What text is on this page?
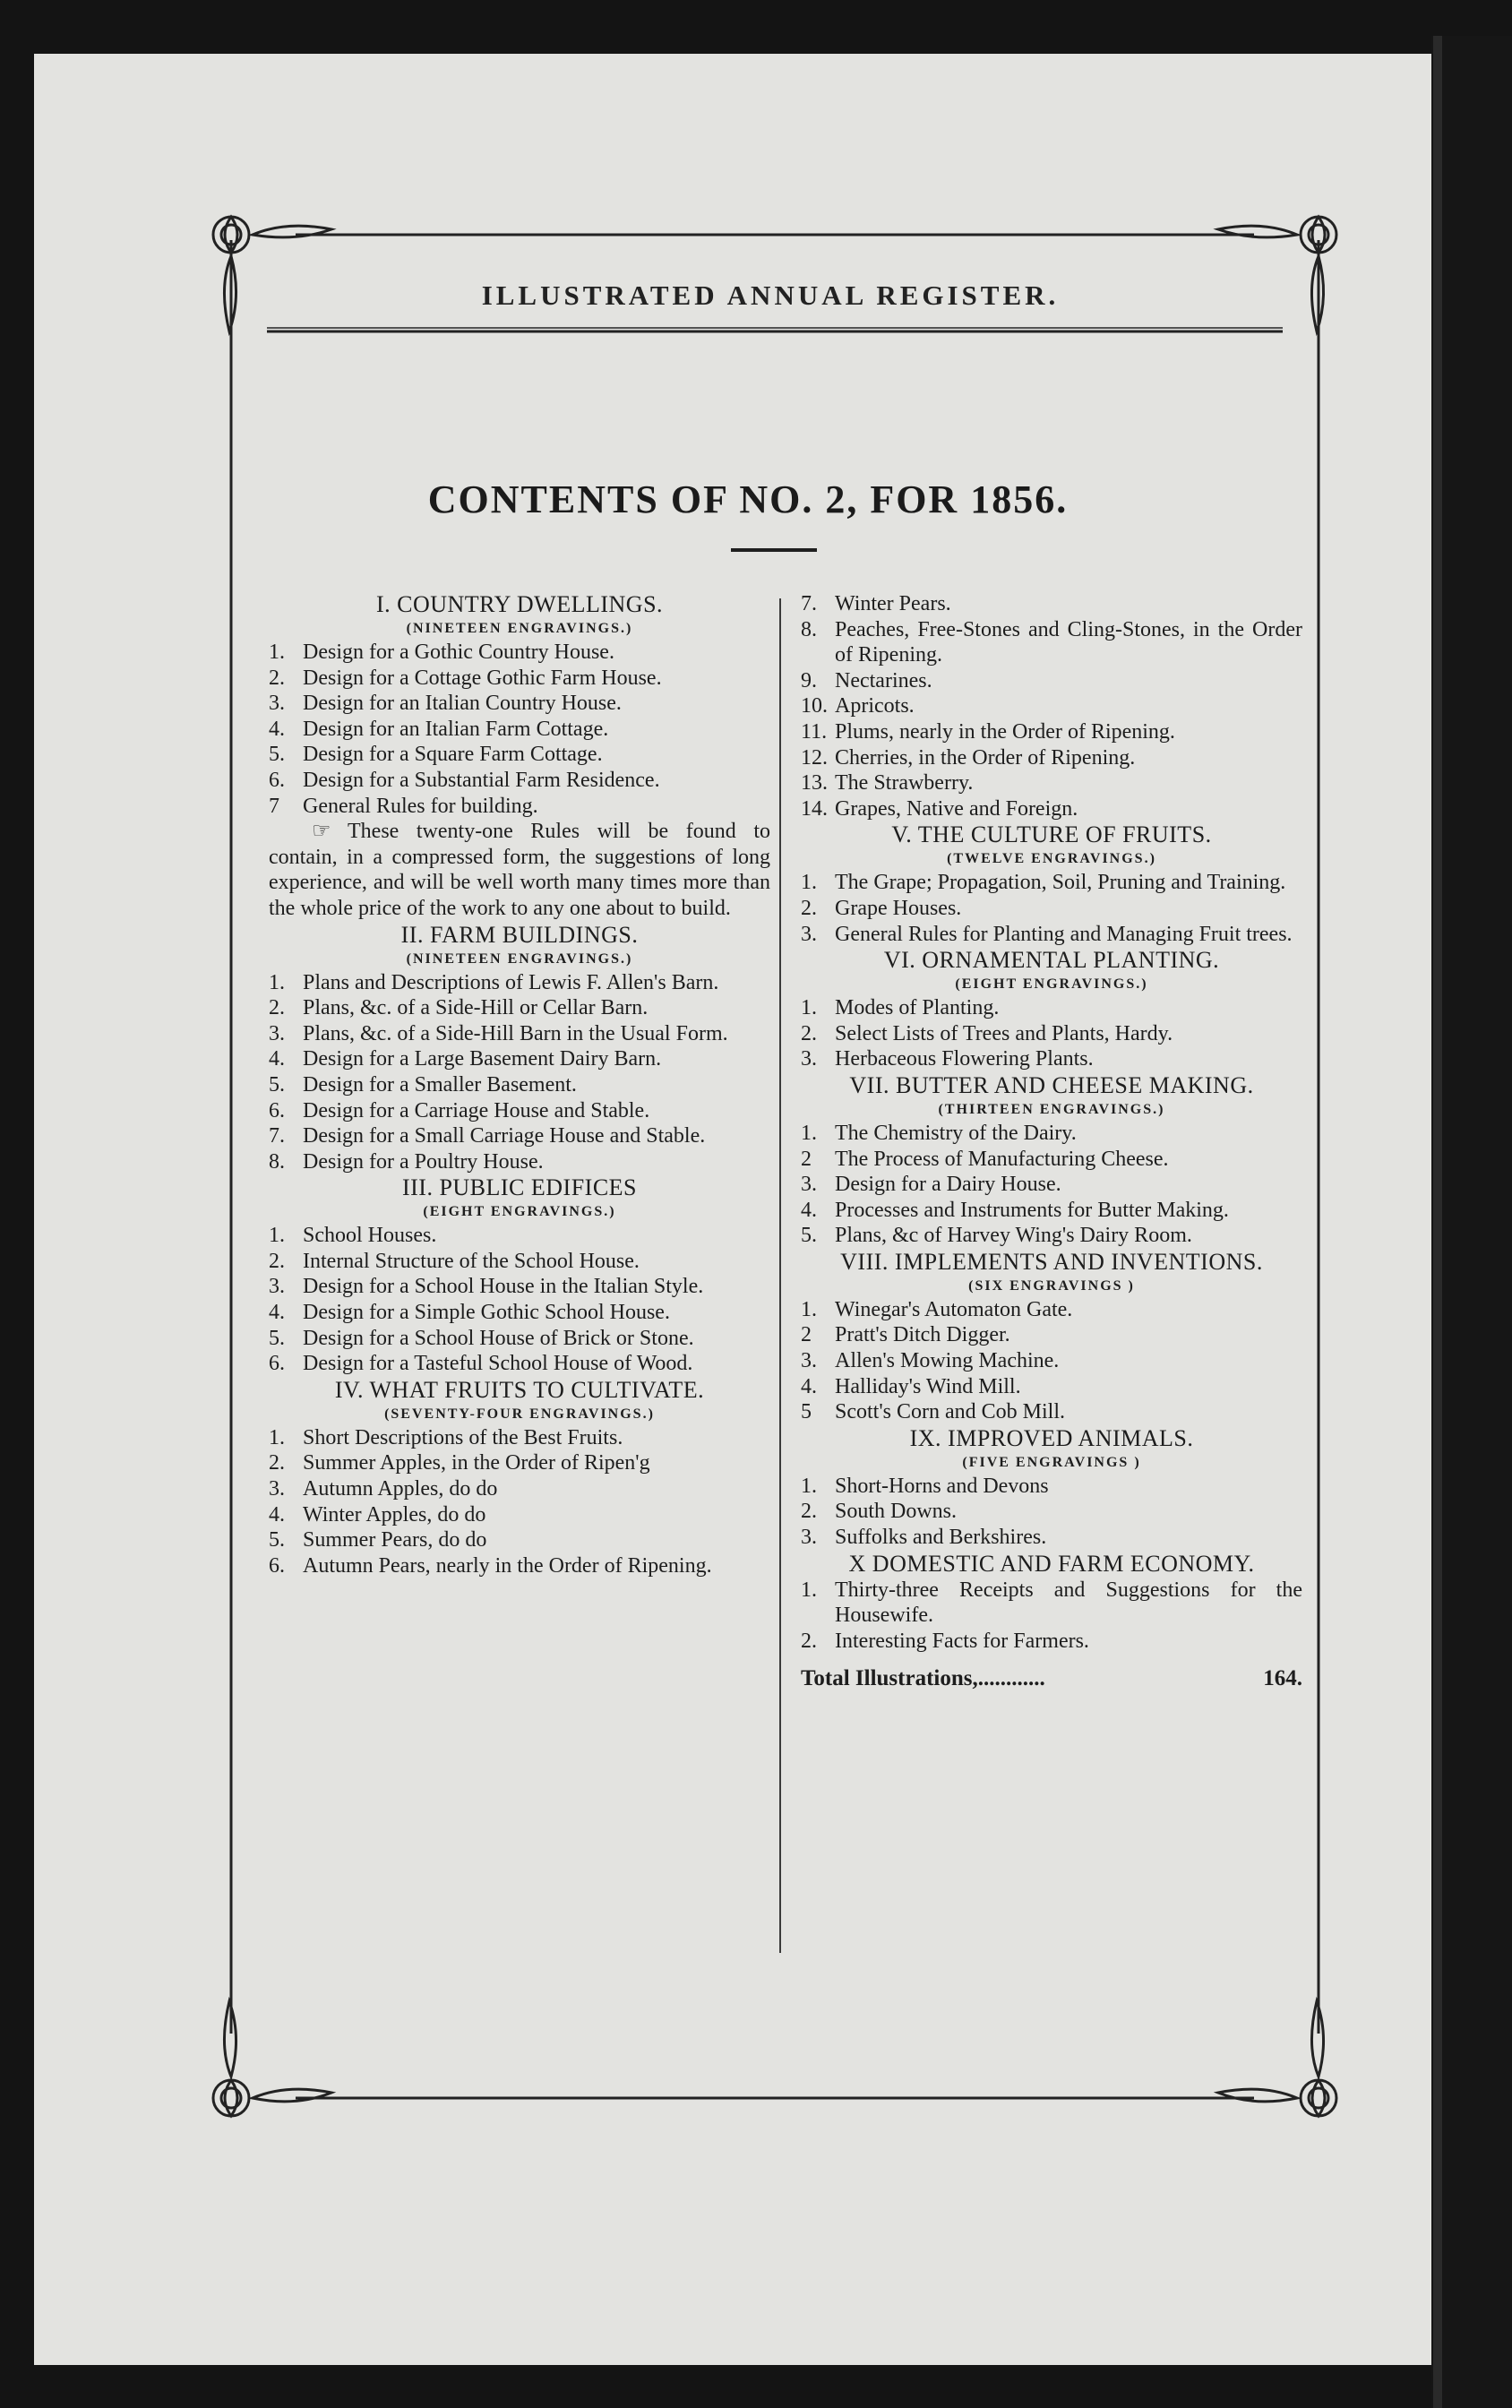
ILLUSTRATED ANNUAL REGISTER.
CONTENTS OF NO. 2, FOR 1856.
I. COUNTRY DWELLINGS.
(NINETEEN ENGRAVINGS.)
1. Design for a Gothic Country House.
2. Design for a Cottage Gothic Farm House.
3. Design for an Italian Country House.
4. Design for an Italian Farm Cottage.
5. Design for a Square Farm Cottage.
6. Design for a Substantial Farm Residence.
7 General Rules for building.
☞ These twenty-one Rules will be found to contain, in a compressed form, the suggestions of long experience, and will be well worth many times more than the whole price of the work to any one about to build.
II. FARM BUILDINGS.
(NINETEEN ENGRAVINGS.)
1. Plans and Descriptions of Lewis F. Allen's Barn.
2. Plans, &c. of a Side-Hill or Cellar Barn.
3. Plans, &c. of a Side-Hill Barn in the Usual Form.
4. Design for a Large Basement Dairy Barn.
5. Design for a Smaller Basement.
6. Design for a Carriage House and Stable.
7. Design for a Small Carriage House and Stable.
8. Design for a Poultry House.
III. PUBLIC EDIFICES
(EIGHT ENGRAVINGS.)
1. School Houses.
2. Internal Structure of the School House.
3. Design for a School House in the Italian Style.
4. Design for a Simple Gothic School House.
5. Design for a School House of Brick or Stone.
6. Design for a Tasteful School House of Wood.
IV. WHAT FRUITS TO CULTIVATE.
(SEVENTY-FOUR ENGRAVINGS.)
1. Short Descriptions of the Best Fruits.
2. Summer Apples, in the Order of Ripen'g
3. Autumn Apples, do do
4. Winter Apples, do do
5. Summer Pears, do do
6. Autumn Pears, nearly in the Order of Ripening.
7. Winter Pears.
8. Peaches, Free-Stones and Cling-Stones, in the Order of Ripening.
9. Nectarines.
10. Apricots.
11. Plums, nearly in the Order of Ripening.
12. Cherries, in the Order of Ripening.
13. The Strawberry.
14. Grapes, Native and Foreign.
V. THE CULTURE OF FRUITS.
(TWELVE ENGRAVINGS.)
1. The Grape; Propagation, Soil, Pruning and Training.
2. Grape Houses.
3. General Rules for Planting and Managing Fruit trees.
VI. ORNAMENTAL PLANTING.
(EIGHT ENGRAVINGS.)
1. Modes of Planting.
2. Select Lists of Trees and Plants, Hardy.
3. Herbaceous Flowering Plants.
VII. BUTTER AND CHEESE MAKING.
(THIRTEEN ENGRAVINGS.)
1. The Chemistry of the Dairy.
2 The Process of Manufacturing Cheese.
3. Design for a Dairy House.
4. Processes and Instruments for Butter Making.
5. Plans, &c of Harvey Wing's Dairy Room.
VIII. IMPLEMENTS AND INVENTIONS.
(SIX ENGRAVINGS )
1. Winegar's Automaton Gate.
2 Pratt's Ditch Digger.
3. Allen's Mowing Machine.
4. Halliday's Wind Mill.
5 Scott's Corn and Cob Mill.
IX. IMPROVED ANIMALS.
(FIVE ENGRAVINGS )
1. Short-Horns and Devons
2. South Downs.
3. Suffolks and Berkshires.
X DOMESTIC AND FARM ECONOMY.
1. Thirty-three Receipts and Suggestions for the Housewife.
2. Interesting Facts for Farmers.
Total Illustrations,............	164.
